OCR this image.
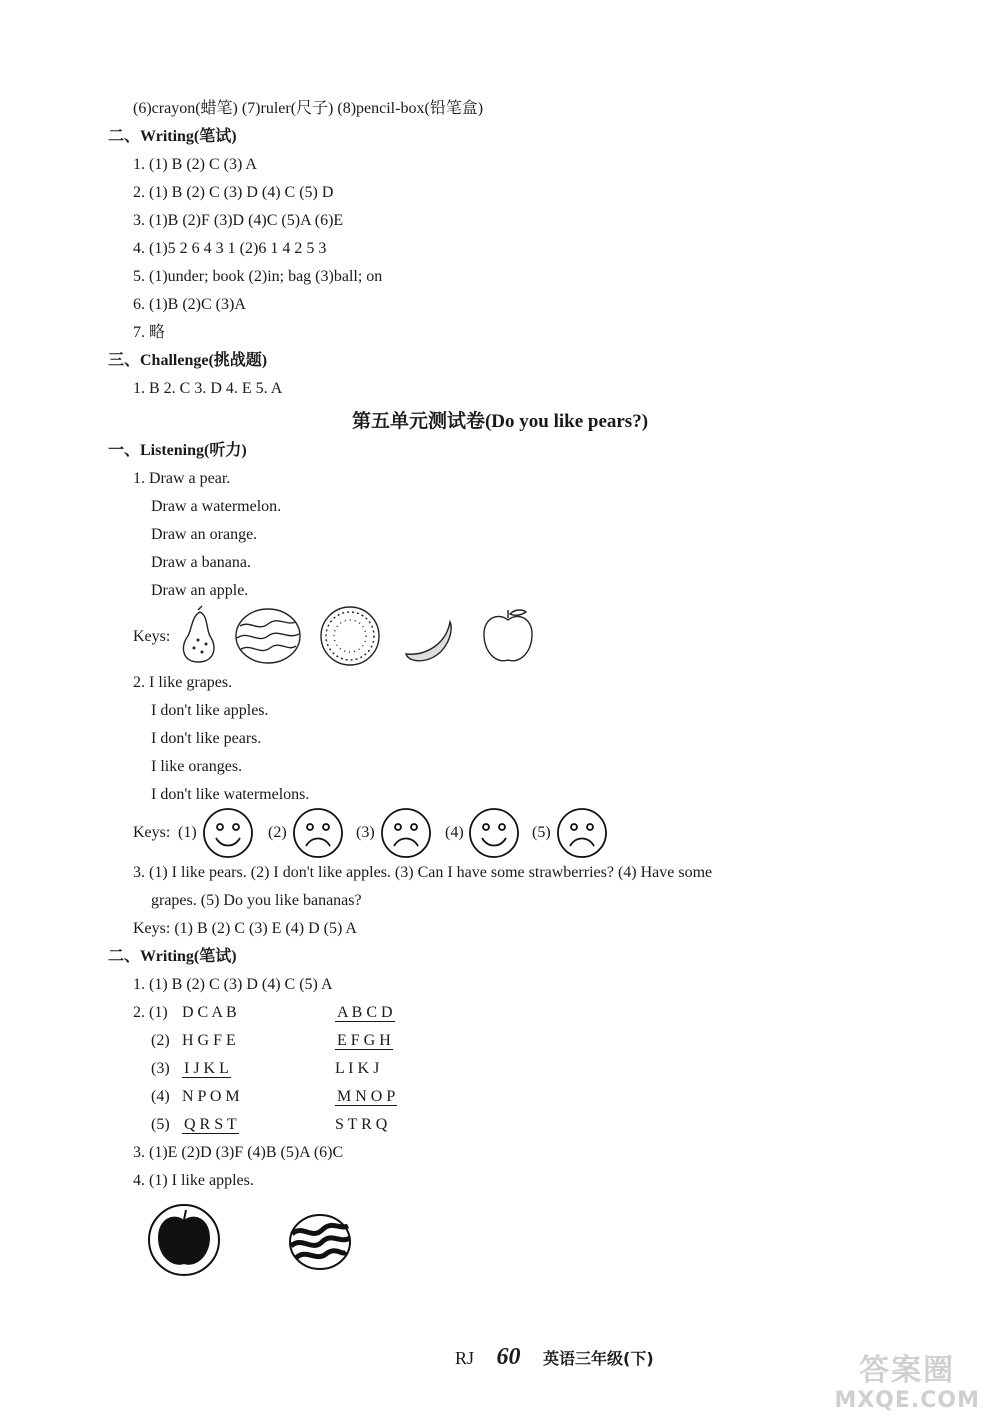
(6)crayon(蜡笔) (7)ruler(尺子) (8)pencil-box(铅笔盒)
二、Writing(笔试)
1. (1) B (2) C (3) A
2. (1) B (2) C (3) D (4) C (5) D
3. (1)B (2)F (3)D (4)C (5)A (6)E
4. (1)5 2 6 4 3 1 (2)6 1 4 2 5 3
5. (1)under; book (2)in; bag (3)ball; on
6. (1)B (2)C (3)A
7. 略
三、Challenge(挑战题)
1. B 2. C 3. D 4. E 5. A
第五单元测试卷(Do you like pears?)
一、Listening(听力)
1. Draw a pear.
Draw a watermelon.
Draw an orange.
Draw a banana.
Draw an apple.
Keys:
2. I like grapes.
I don't like apples.
I don't like pears.
I like oranges.
I don't like watermelons.
Keys: (1)	(2)	(3)	(4)	(5)
3. (1) I like pears. (2) I don't like apples. (3) Can I have some strawberries? (4) Have some
grapes. (5) Do you like bananas?
Keys: (1) B (2) C (3) E (4) D (5) A
二、Writing(笔试)
1. (1) B (2) C (3) D (4) C (5) A
2. (1) D C A B	A B C D
(2) H G F E	E F G H
(3) I J K L	L I K J
(4) N P O M	M N O P
(5) Q R S T	S T R Q
3. (1)E (2)D (3)F (4)B (5)A (6)C
4. (1) I like apples.
RJ 60 英语三年级(下)	答案圈
MXQE.COM
